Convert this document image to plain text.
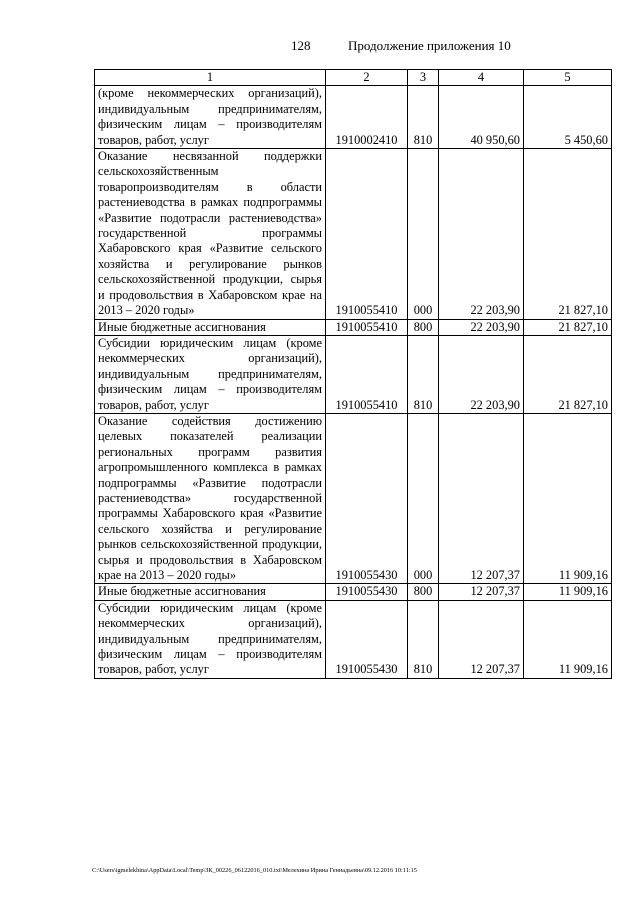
128	Продолжение приложения 10
1	2	3	4	5
(кроме некоммерческих организаций), индивидуальным предпринимателям, физическим лицам – производителям товаров, работ, услуг	1910002410	810	40 950,60	5 450,60
Оказание несвязанной поддержки сельскохозяйственным товаропроизводителям в области растениеводства в рамках подпрограммы «Развитие подотрасли растениеводства» государственной программы Хабаровского края «Развитие сельского хозяйства и регулирование рынков сельскохозяйственной продукции, сырья и продовольствия в Хабаровском крае на 2013 – 2020 годы»	1910055410	000	22 203,90	21 827,10
Иные бюджетные ассигнования	1910055410	800	22 203,90	21 827,10
Субсидии юридическим лицам (кроме некоммерческих организаций), индивидуальным предпринимателям, физическим лицам – производителям товаров, работ, услуг	1910055410	810	22 203,90	21 827,10
Оказание содействия достижению целевых показателей реализации региональных программ развития агропромышленного комплекса в рамках подпрограммы «Развитие подотрасли растениеводства» государственной программы Хабаровского края «Развитие сельского хозяйства и регулирование рынков сельскохозяйственной продукции, сырья и продовольствия в Хабаровском крае на 2013 – 2020 годы»	1910055430	000	12 207,37	11 909,16
Иные бюджетные ассигнования	1910055430	800	12 207,37	11 909,16
Субсидии юридическим лицам (кроме некоммерческих организаций), индивидуальным предпринимателям, физическим лицам – производителям товаров, работ, услуг	1910055430	810	12 207,37	11 909,16
C:\Users\igmelekhina\AppData\Local\Temp\ЗК_00226_06122016_010.txt\Мелехина Ирина Геннадьевна\09.12.2016 10:11:15
